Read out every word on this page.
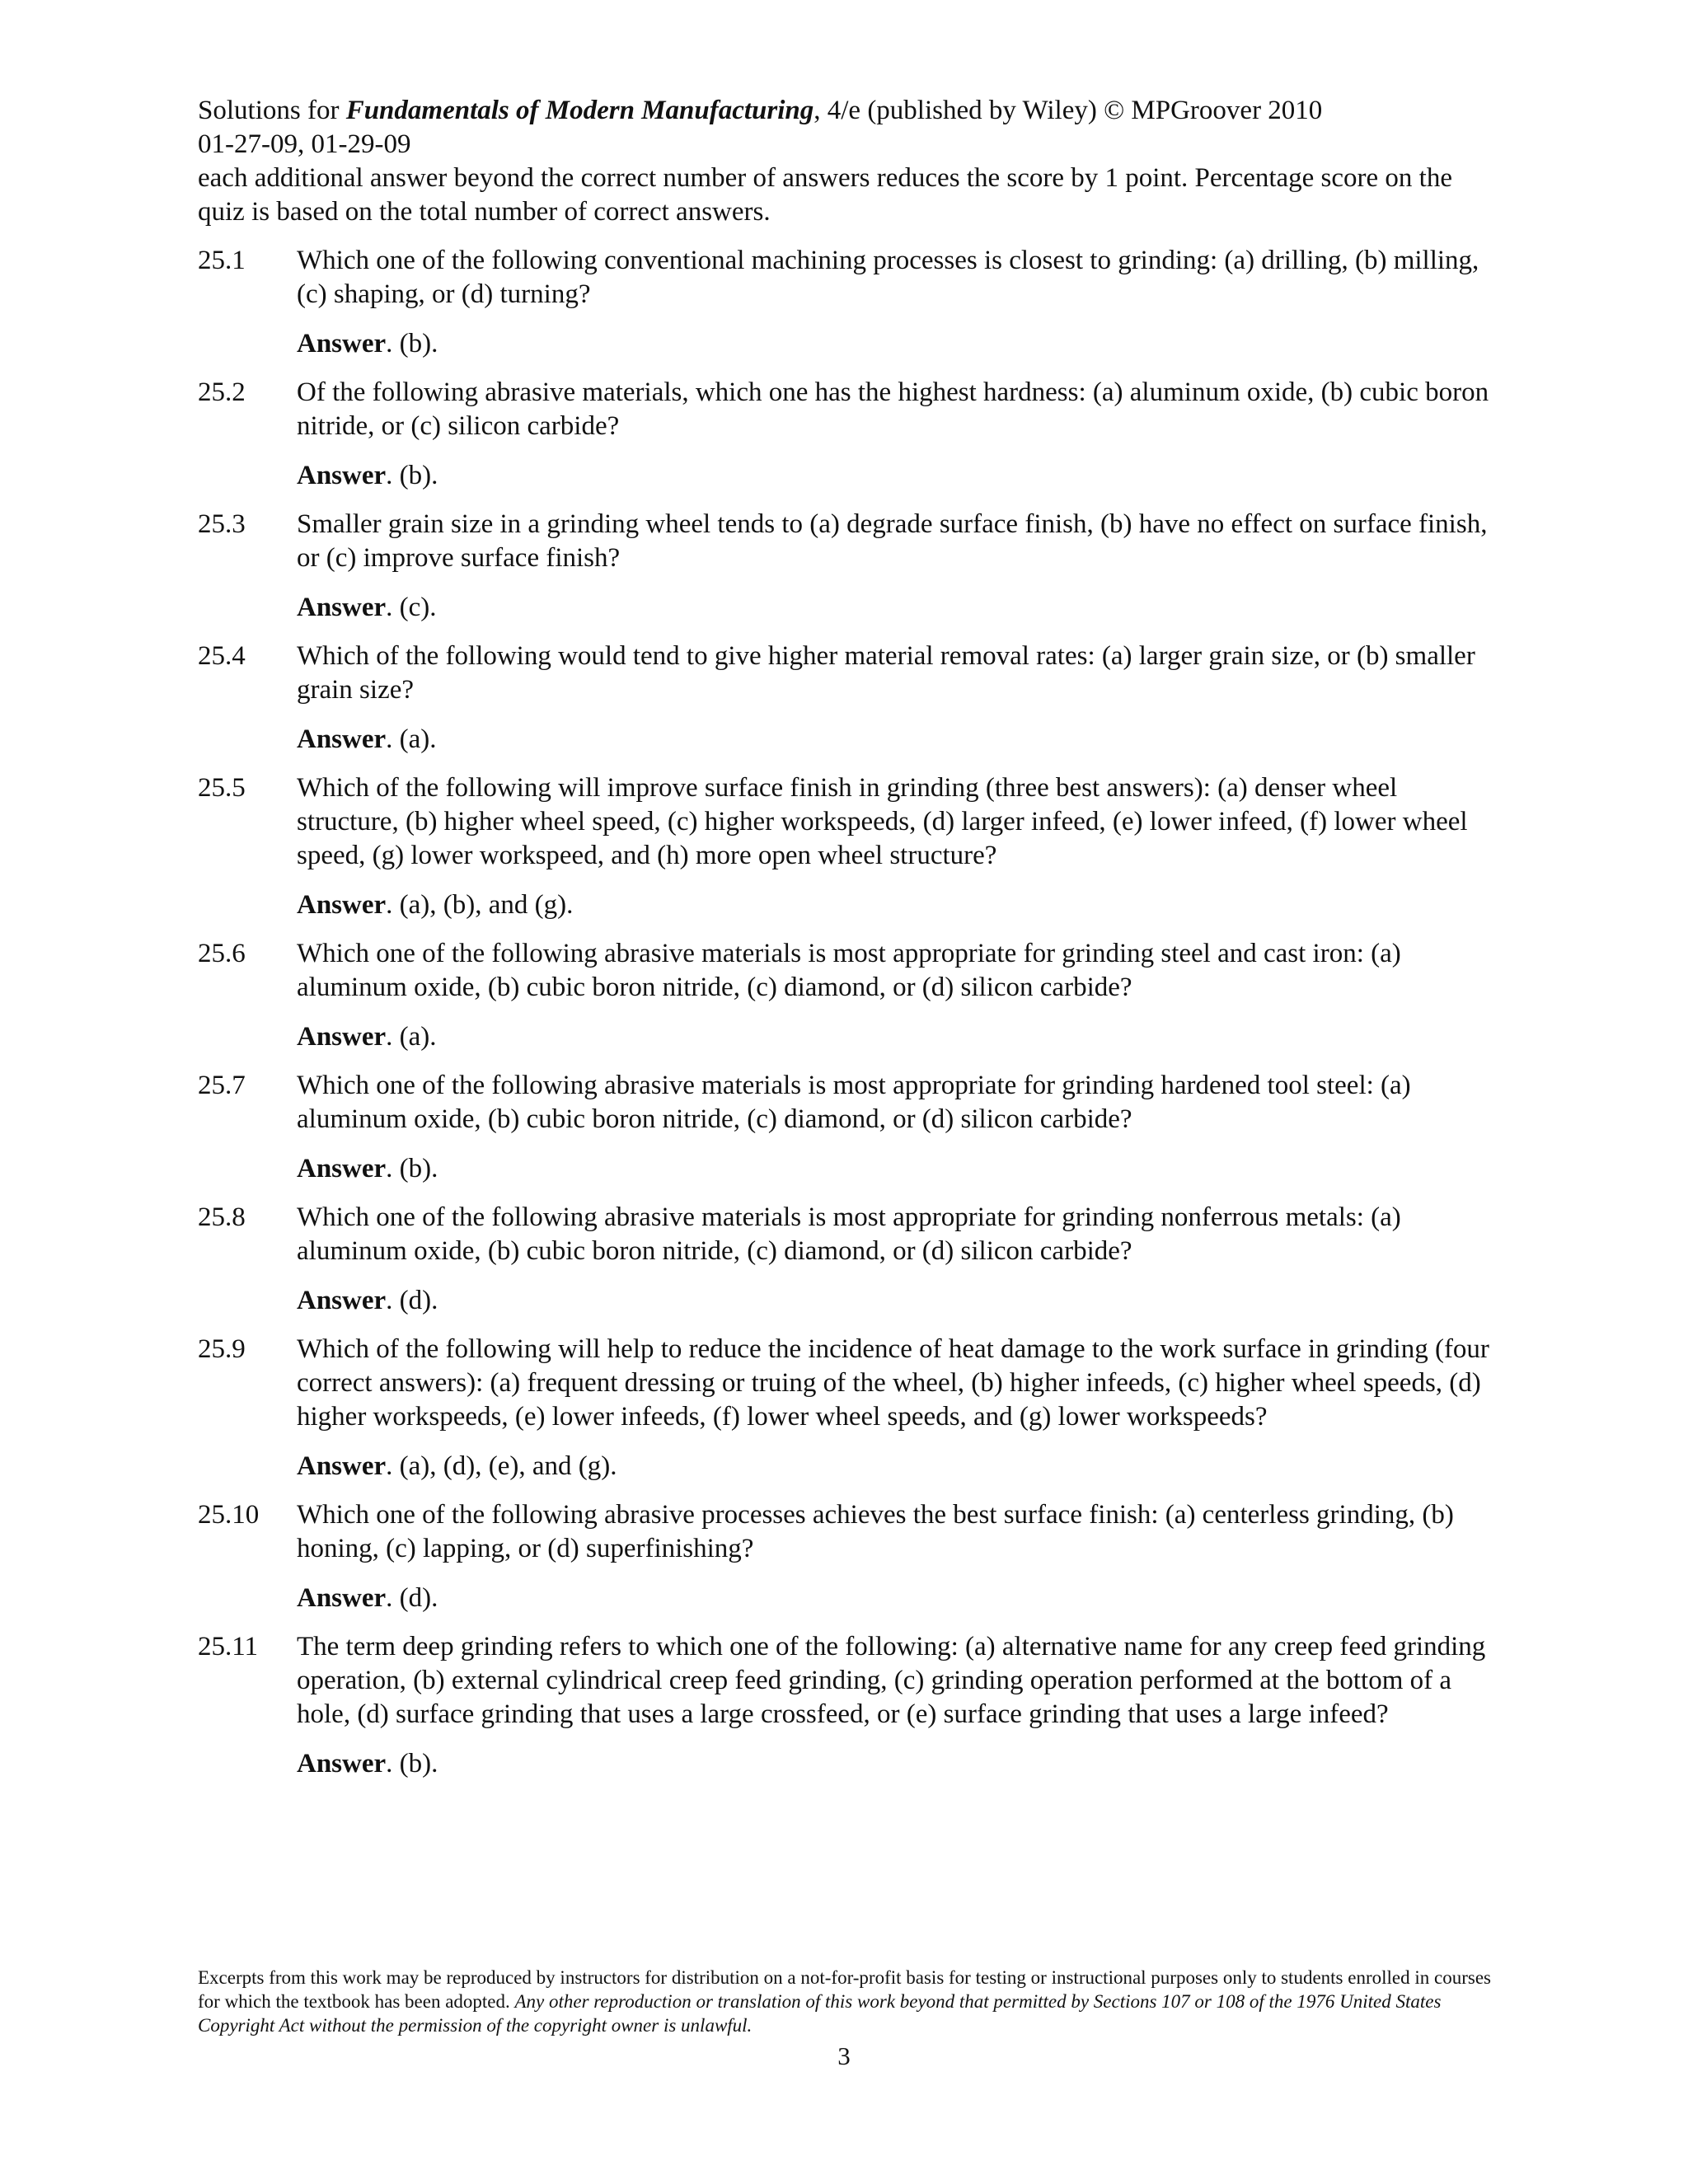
Solutions for Fundamentals of Modern Manufacturing, 4/e (published by Wiley) © MPGroover 2010
01-27-09, 01-29-09
each additional answer beyond the correct number of answers reduces the score by 1 point. Percentage score on the quiz is based on the total number of correct answers.
25.1	Which one of the following conventional machining processes is closest to grinding: (a) drilling, (b) milling, (c) shaping, or (d) turning?
Answer. (b).
25.2	Of the following abrasive materials, which one has the highest hardness: (a) aluminum oxide, (b) cubic boron nitride, or (c) silicon carbide?
Answer. (b).
25.3	Smaller grain size in a grinding wheel tends to (a) degrade surface finish, (b) have no effect on surface finish, or (c) improve surface finish?
Answer. (c).
25.4	Which of the following would tend to give higher material removal rates: (a) larger grain size, or (b) smaller grain size?
Answer. (a).
25.5	Which of the following will improve surface finish in grinding (three best answers): (a) denser wheel structure, (b) higher wheel speed, (c) higher workspeeds, (d) larger infeed, (e) lower infeed, (f) lower wheel speed, (g) lower workspeed, and (h) more open wheel structure?
Answer. (a), (b), and (g).
25.6	Which one of the following abrasive materials is most appropriate for grinding steel and cast iron: (a) aluminum oxide, (b) cubic boron nitride, (c) diamond, or (d) silicon carbide?
Answer. (a).
25.7	Which one of the following abrasive materials is most appropriate for grinding hardened tool steel: (a) aluminum oxide, (b) cubic boron nitride, (c) diamond, or (d) silicon carbide?
Answer. (b).
25.8	Which one of the following abrasive materials is most appropriate for grinding nonferrous metals: (a) aluminum oxide, (b) cubic boron nitride, (c) diamond, or (d) silicon carbide?
Answer. (d).
25.9	Which of the following will help to reduce the incidence of heat damage to the work surface in grinding (four correct answers): (a) frequent dressing or truing of the wheel, (b) higher infeeds, (c) higher wheel speeds, (d) higher workspeeds, (e) lower infeeds, (f) lower wheel speeds, and (g) lower workspeeds?
Answer. (a), (d), (e), and (g).
25.10	Which one of the following abrasive processes achieves the best surface finish: (a) centerless grinding, (b) honing, (c) lapping, or (d) superfinishing?
Answer. (d).
25.11	The term deep grinding refers to which one of the following: (a) alternative name for any creep feed grinding operation, (b) external cylindrical creep feed grinding, (c) grinding operation performed at the bottom of a hole, (d) surface grinding that uses a large crossfeed, or (e) surface grinding that uses a large infeed?
Answer. (b).
Excerpts from this work may be reproduced by instructors for distribution on a not-for-profit basis for testing or instructional purposes only to students enrolled in courses for which the textbook has been adopted. Any other reproduction or translation of this work beyond that permitted by Sections 107 or 108 of the 1976 United States Copyright Act without the permission of the copyright owner is unlawful.
3
